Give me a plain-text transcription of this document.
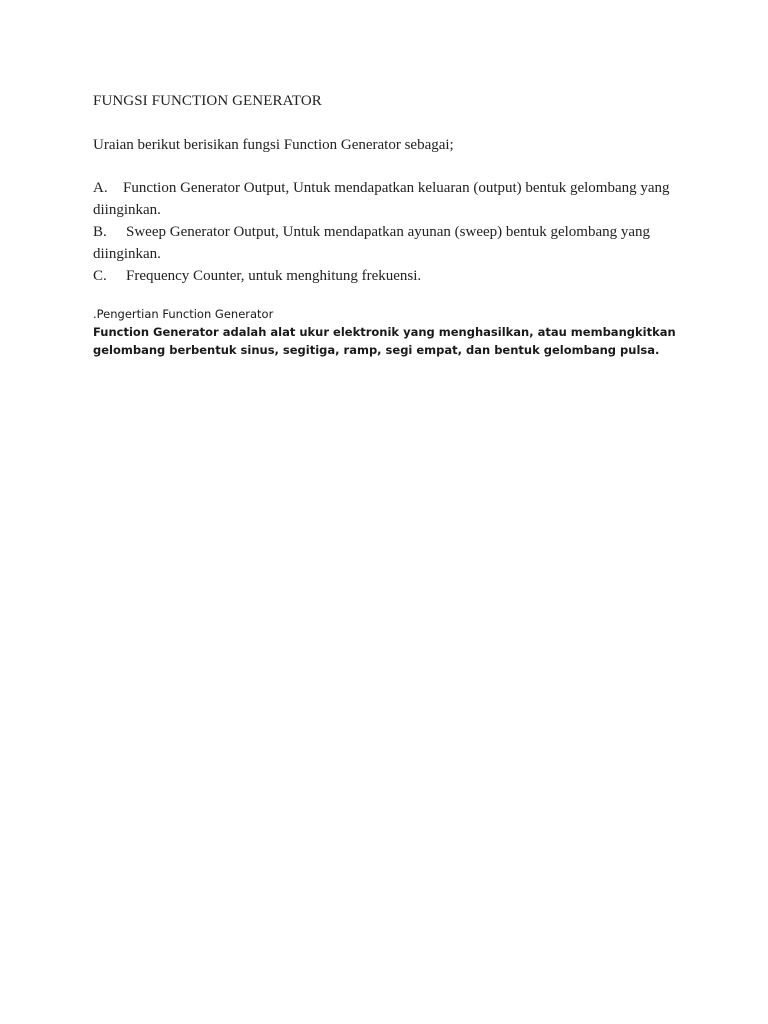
FUNGSI FUNCTION GENERATOR
Uraian berikut berisikan fungsi Function Generator sebagai;

A. Function Generator Output, Untuk mendapatkan keluaran (output) bentuk gelombang yang diinginkan.

B. Sweep Generator Output, Untuk mendapatkan ayunan (sweep) bentuk gelombang yang diinginkan.

C. Frequency Counter, untuk menghitung frekuensi.

.Pengertian Function Generator
Function Generator adalah alat ukur elektronik yang menghasilkan, atau membangkitkan gelombang berbentuk sinus, segitiga, ramp, segi empat, dan bentuk gelombang pulsa.
